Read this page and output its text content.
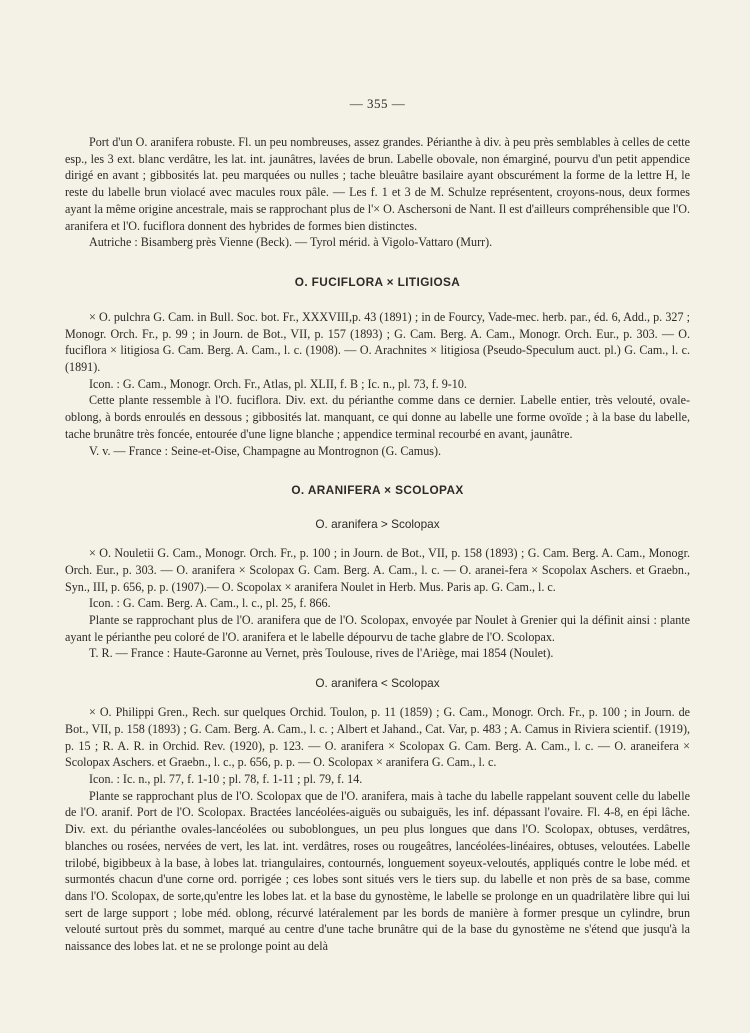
— 355 —

Port d'un O. aranifera robuste. Fl. un peu nombreuses, assez grandes. Périanthe à div. à peu près semblables à celles de cette esp., les 3 ext. blanc verdâtre, les lat. int. jaunâtres, lavées de brun. Labelle obovale, non émarginé, pourvu d'un petit appendice dirigé en avant ; gibbosités lat. peu marquées ou nulles ; tache bleuâtre basilaire ayant obscurément la forme de la lettre H, le reste du labelle brun violacé avec macules roux pâle. — Les f. 1 et 3 de M. Schulze représentent, croyons-nous, deux formes ayant la même origine ancestrale, mais se rapprochant plus de l'× O. Aschersoni de Nant. Il est d'ailleurs compréhensible que l'O. aranifera et l'O. fuciflora donnent des hybrides de formes bien distinctes.

Autriche : Bisamberg près Vienne (Beck). — Tyrol mérid. à Vigolo-Vattaro (Murr).

O. FUCIFLORA × LITIGIOSA

× O. pulchra G. Cam. in Bull. Soc. bot. Fr., XXXVIII,p. 43 (1891) ; in de Fourcy, Vade-mec. herb. par., éd. 6, Add., p. 327 ; Monogr. Orch. Fr., p. 99 ; in Journ. de Bot., VII, p. 157 (1893) ; G. Cam. Berg. A. Cam., Monogr. Orch. Eur., p. 303. — O. fuciflora × litigiosa G. Cam. Berg. A. Cam., l. c. (1908). — O. Arachnites × litigiosa (Pseudo-Speculum auct. pl.) G. Cam., l. c. (1891).

Icon. : G. Cam., Monogr. Orch. Fr., Atlas, pl. XLII, f. B ; Ic. n., pl. 73, f. 9-10.

Cette plante ressemble à l'O. fuciflora. Div. ext. du périanthe comme dans ce dernier. Labelle entier, très velouté, ovale-oblong, à bords enroulés en dessous ; gibbosités lat. manquant, ce qui donne au labelle une forme ovoïde ; à la base du labelle, tache brunâtre très foncée, entourée d'une ligne blanche ; appendice terminal recourbé en avant, jaunâtre.

V. v. — France : Seine-et-Oise, Champagne au Montrognon (G. Camus).

O. ARANIFERA × SCOLOPAX
O. aranifera > Scolopax

× O. Nouletii G. Cam., Monogr. Orch. Fr., p. 100 ; in Journ. de Bot., VII, p. 158 (1893) ; G. Cam. Berg. A. Cam., Monogr. Orch. Eur., p. 303. — O. aranifera × Scolopax G. Cam. Berg. A. Cam., l. c. — O. aranei-fera × Scopolax Aschers. et Graebn., Syn., III, p. 656, p. p. (1907).— O. Scopolax × aranifera Noulet in Herb. Mus. Paris ap. G. Cam., l. c.

Icon. : G. Cam. Berg. A. Cam., l. c., pl. 25, f. 866.

Plante se rapprochant plus de l'O. aranifera que de l'O. Scolopax, envoyée par Noulet à Grenier qui la définit ainsi : plante ayant le périanthe peu coloré de l'O. aranifera et le labelle dépourvu de tache glabre de l'O. Scolopax.

T. R. — France : Haute-Garonne au Vernet, près Toulouse, rives de l'Ariège, mai 1854 (Noulet).

O. aranifera < Scolopax

× O. Philippi Gren., Rech. sur quelques Orchid. Toulon, p. 11 (1859) ; G. Cam., Monogr. Orch. Fr., p. 100 ; in Journ. de Bot., VII, p. 158 (1893) ; G. Cam. Berg. A. Cam., l. c. ; Albert et Jahand., Cat. Var, p. 483 ; A. Camus in Riviera scientif. (1919), p. 15 ; R. A. R. in Orchid. Rev. (1920), p. 123. — O. aranifera × Scolopax G. Cam. Berg. A. Cam., l. c. — O. araneifera × Scolopax Aschers. et Graebn., l. c., p. 656, p. p. — O. Scolopax × aranifera G. Cam., l. c.

Icon. : Ic. n., pl. 77, f. 1-10 ; pl. 78, f. 1-11 ; pl. 79, f. 14.

Plante se rapprochant plus de l'O. Scolopax que de l'O. aranifera, mais à tache du labelle rappelant souvent celle du labelle de l'O. aranif. Port de l'O. Scolopax. Bractées lancéolées-aiguës ou subaiguës, les inf. dépassant l'ovaire. Fl. 4-8, en épi lâche. Div. ext. du périanthe ovales-lancéolées ou suboblongues, un peu plus longues que dans l'O. Scolopax, obtuses, verdâtres, blanches ou rosées, nervées de vert, les lat. int. verdâtres, roses ou rougeâtres, lancéolées-linéaires, obtuses, veloutées. Labelle trilobé, bigibbeux à la base, à lobes lat. triangulaires, contournés, longuement soyeux-veloutés, appliqués contre le lobe méd. et surmontés chacun d'une corne ord. porrigée ; ces lobes sont situés vers le tiers sup. du labelle et non près de sa base, comme dans l'O. Scolopax, de sorte,qu'entre les lobes lat. et la base du gynostème, le labelle se prolonge en un quadrilatère libre qui lui sert de large support ; lobe méd. oblong, récurvé latéralement par les bords de manière à former presque un cylindre, brun velouté surtout près du sommet, marqué au centre d'une tache brunâtre qui de la base du gynostème ne s'étend que jusqu'à la naissance des lobes lat. et ne se prolonge point au delà
